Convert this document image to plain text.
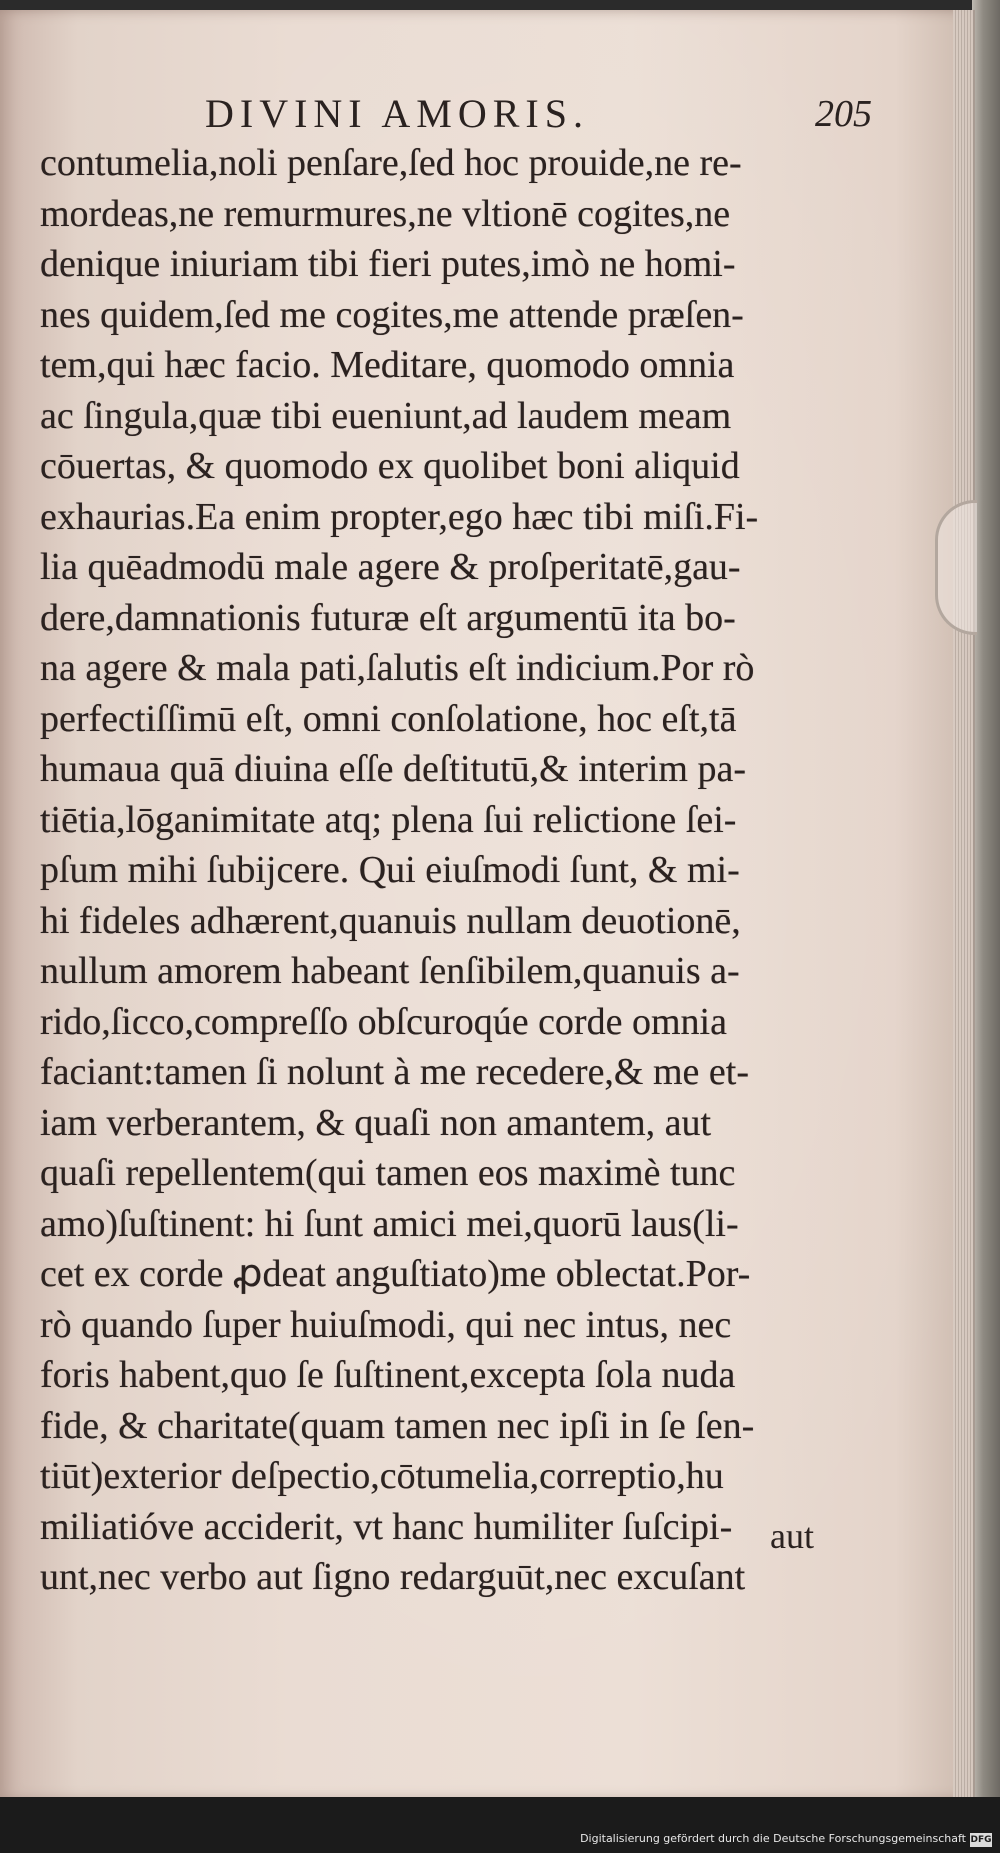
DIVINI AMORIS.	205
contumelia,noli penſare,ſed hoc prouide,ne re-
mordeas,ne remurmures,ne vltionē cogites,ne
denique iniuriam tibi fieri putes,imò ne homi-
nes quidem,ſed me cogites,me attende præſen-
tem,qui hæc facio. Meditare, quomodo omnia
ac ſingula,quæ tibi eueniunt,ad laudem meam
cōuertas, & quomodo ex quolibet boni aliquid
exhaurias.Ea enim propter,ego hæc tibi miſi.Fi-
lia quēadmodū male agere & proſperitatē,gau-
dere,damnationis futuræ eſt argumentū ita bo-
na agere & mala pati,ſalutis eſt indicium.Por rò
perfectiſſimū eſt, omni conſolatione, hoc eſt,tā
humaua quā diuina eſſe deſtitutū,& interim pa-
tiētia,lōganimitate atq; plena ſui relictione ſei-
pſum mihi ſubijcere. Qui eiuſmodi ſunt, & mi-
hi fideles adhærent,quanuis nullam deuotionē,
nullum amorem habeant ſenſibilem,quanuis a-
rido,ſicco,compreſſo obſcuroqúe corde omnia
faciant:tamen ſi nolunt à me recedere,& me et-
iam verberantem, & quaſi non amantem, aut
quaſi repellentem(qui tamen eos maximè tunc
amo)ſuſtinent: hi ſunt amici mei,quorū laus(li-
cet ex corde ꝓdeat anguſtiato)me oblectat.Por-
rò quando ſuper huiuſmodi, qui nec intus, nec
foris habent,quo ſe ſuſtinent,excepta ſola nuda
fide, & charitate(quam tamen nec ipſi in ſe ſen-
tiūt)exterior deſpectio,cōtumelia,correptio,hu
miliatióve acciderit, vt hanc humiliter ſuſcipi-
unt,nec verbo aut ſigno redarguūt,nec excuſant
aut
Digitalisierung gefördert durch die Deutsche Forschungsgemeinschaft DFG
